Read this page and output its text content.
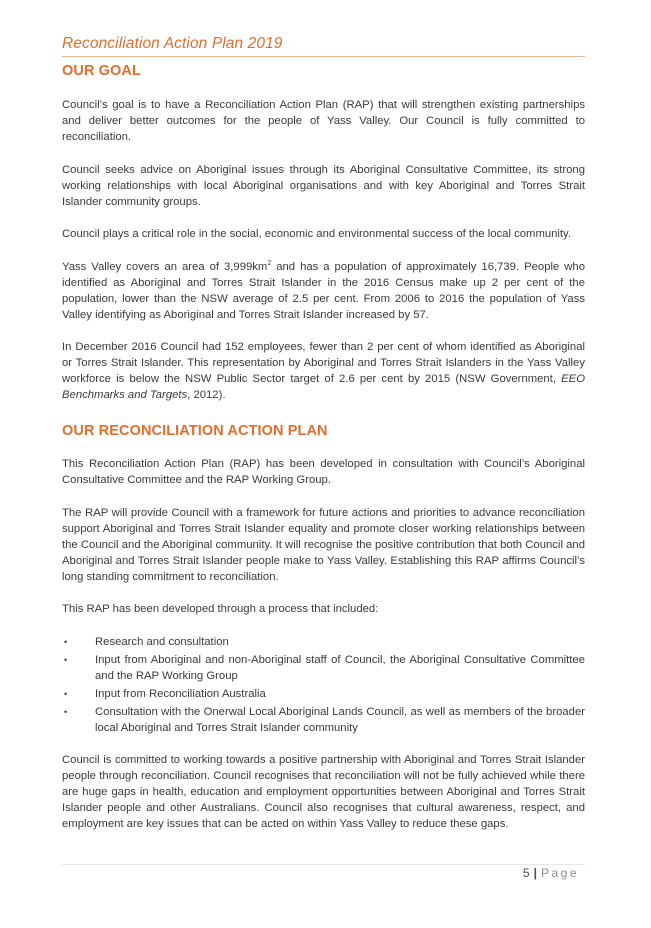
Reconciliation Action Plan 2019
OUR GOAL

Council’s goal is to have a Reconciliation Action Plan (RAP) that will strengthen existing partnerships and deliver better outcomes for the people of Yass Valley. Our Council is fully committed to reconciliation.

Council seeks advice on Aboriginal issues through its Aboriginal Consultative Committee, its strong working relationships with local Aboriginal organisations and with key Aboriginal and Torres Strait Islander community groups.

Council plays a critical role in the social, economic and environmental success of the local community.

Yass Valley covers an area of $3,999km^2$ and has a population of approximately 16,739. People who identified as Aboriginal and Torres Strait Islander in the 2016 Census make up 2 per cent of the population, lower than the NSW average of 2.5 per cent. From 2006 to 2016 the population of Yass Valley identifying as Aboriginal and Torres Strait Islander increased by 57.

In December 2016 Council had 152 employees, fewer than 2 per cent of whom identified as Aboriginal or Torres Strait Islander. This representation by Aboriginal and Torres Strait Islanders in the Yass Valley workforce is below the NSW Public Sector target of 2.6 per cent by 2015 (NSW Government, EEO Benchmarks and Targets, 2012).

OUR RECONCILIATION ACTION PLAN

This Reconciliation Action Plan (RAP) has been developed in consultation with Council’s Aboriginal Consultative Committee and the RAP Working Group.

The RAP will provide Council with a framework for future actions and priorities to advance reconciliation support Aboriginal and Torres Strait Islander equality and promote closer working relationships between the Council and the Aboriginal community. It will recognise the positive contribution that both Council and Aboriginal and Torres Strait Islander people make to Yass Valley. Establishing this RAP affirms Council’s long standing commitment to reconciliation.

This RAP has been developed through a process that included:

• Research and consultation
• Input from Aboriginal and non-Aboriginal staff of Council, the Aboriginal Consultative Committee and the RAP Working Group
• Input from Reconciliation Australia
• Consultation with the Onerwal Local Aboriginal Lands Council, as well as members of the broader local Aboriginal and Torres Strait Islander community

Council is committed to working towards a positive partnership with Aboriginal and Torres Strait Islander people through reconciliation. Council recognises that reconciliation will not be fully achieved while there are huge gaps in health, education and employment opportunities between Aboriginal and Torres Strait Islander people and other Australians. Council also recognises that cultural awareness, respect, and employment are key issues that can be acted on within Yass Valley to reduce these gaps.

5 | Page
